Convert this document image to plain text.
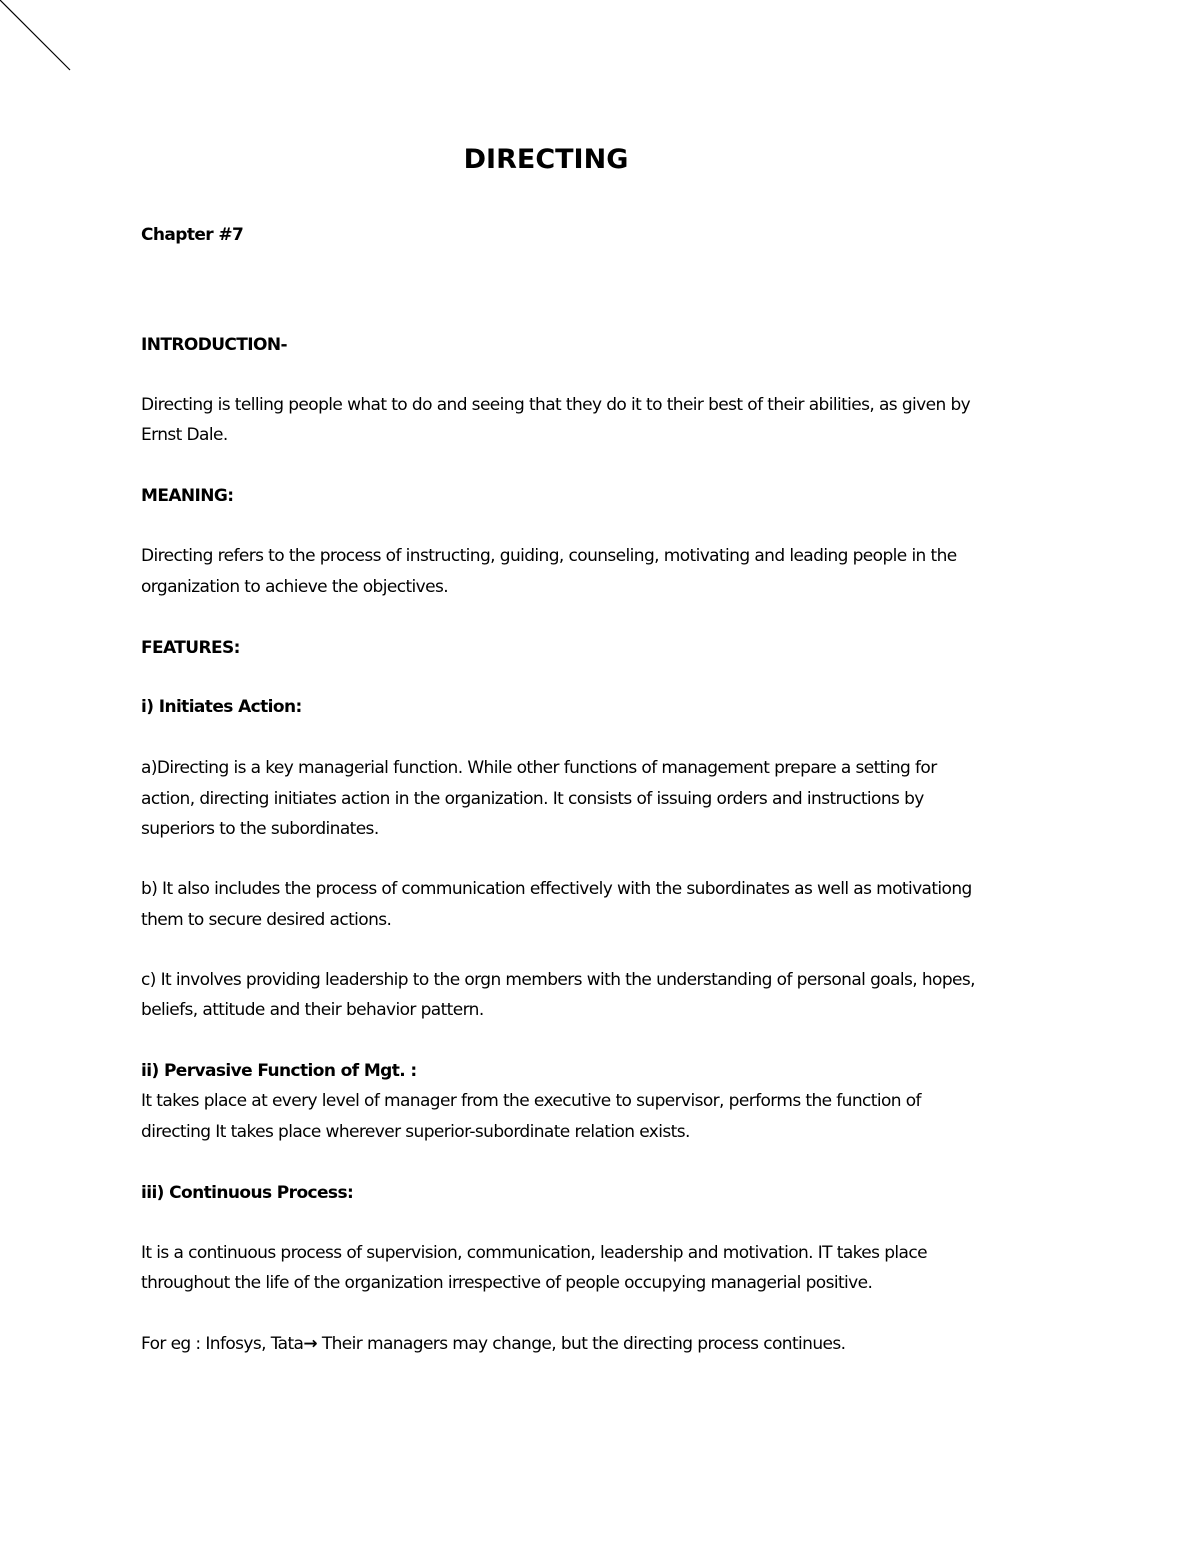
DIRECTING
Chapter #7
INTRODUCTION-
Directing is telling people what to do and seeing that they do it to their best of their abilities, as given by
Ernst Dale.
MEANING:
Directing refers to the process of instructing, guiding, counseling, motivating and leading people in the
organization to achieve the objectives.
FEATURES:
i) Initiates Action:
a)Directing is a key managerial function. While other functions of management prepare a setting for
action, directing initiates action in the organization. It consists of issuing orders and instructions by
superiors to the subordinates.
b) It also includes the process of communication effectively with the subordinates as well as motivationg
them to secure desired actions.
c) It involves providing leadership to the orgn members with the understanding of personal goals, hopes,
beliefs, attitude and their behavior pattern.
ii) Pervasive Function of Mgt. :
It takes place at every level of manager from the executive to supervisor, performs the function of
directing It takes place wherever superior-subordinate relation exists.
iii) Continuous Process:
It is a continuous process of supervision, communication, leadership and motivation. IT takes place
throughout the life of the organization irrespective of people occupying managerial positive.
For eg : Infosys, Tata→ Their managers may change, but the directing process continues.
